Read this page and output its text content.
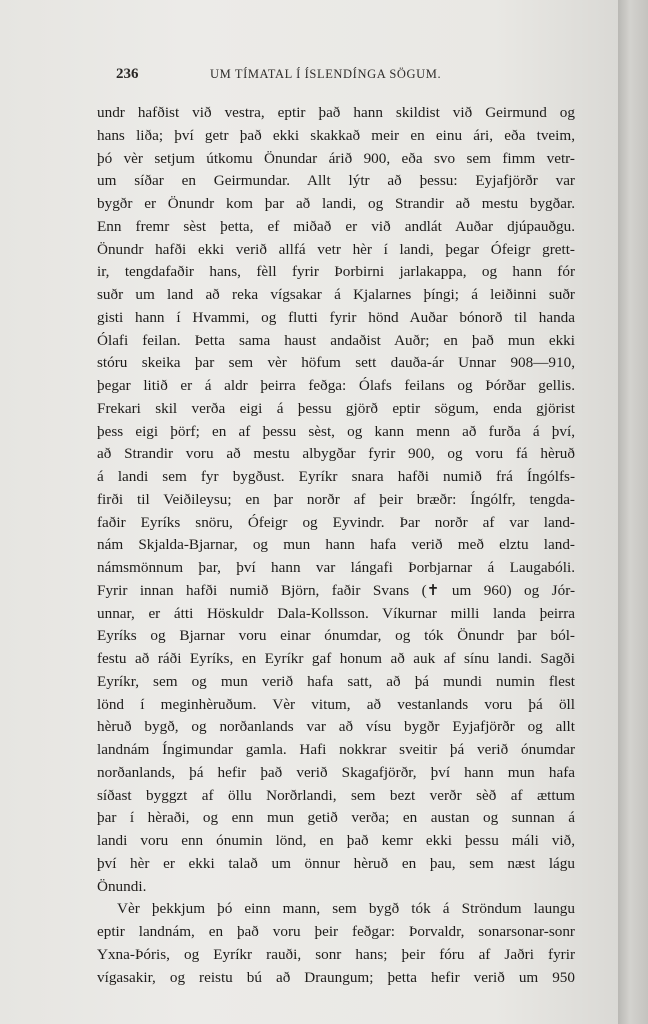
236	UM TÍMATAL Í ÍSLENDÍNGA SÖGUM.
undr hafðist við vestra, eptir það hann skildist við Geirmund og
hans liða; því getr það ekki skakkað meir en einu ári, eða tveim,
þó vèr setjum útkomu Önundar árið 900, eða svo sem fimm vetr-
um síðar en Geirmundar. Allt lýtr að þessu: Eyjafjörðr var
bygðr er Önundr kom þar að landi, og Strandir að mestu bygðar.
Enn fremr sèst þetta, ef miðað er við andlát Auðar djúpauðgu.
Önundr hafði ekki verið allfá vetr hèr í landi, þegar Ófeigr grett-
ir, tengdafaðir hans, fèll fyrir Þorbirni jarlakappa, og hann fór
suðr um land að reka vígsakar á Kjalarnes þíngi; á leiðinni suðr
gisti hann í Hvammi, og flutti fyrir hönd Auðar bónorð til handa
Ólafi feilan. Þetta sama haust andaðist Auðr; en það mun ekki
stóru skeika þar sem vèr höfum sett dauða-ár Unnar 908—910,
þegar litið er á aldr þeirra feðga: Ólafs feilans og Þórðar gellis.
Frekari skil verða eigi á þessu gjörð eptir sögum, enda gjörist
þess eigi þörf; en af þessu sèst, og kann menn að furða á því,
að Strandir voru að mestu albygðar fyrir 900, og voru fá hèruð
á landi sem fyr bygðust. Eyríkr snara hafði numið frá Íngólfs-
firði til Veiðileysu; en þar norðr af þeir bræðr: Íngólfr, tengda-
faðir Eyríks snöru, Ófeigr og Eyvindr. Þar norðr af var land-
nám Skjalda-Bjarnar, og mun hann hafa verið með elztu land-
námsmönnum þar, því hann var lángafi Þorbjarnar á Laugabóli.
Fyrir innan hafði numið Björn, faðir Svans (✝ um 960) og Jór-
unnar, er átti Höskuldr Dala-Kollsson. Víkurnar milli landa þeirra
Eyríks og Bjarnar voru einar ónumdar, og tók Önundr þar ból-
festu að ráði Eyríks, en Eyríkr gaf honum að auk af sínu landi. Sagði
Eyríkr, sem og mun verið hafa satt, að þá mundi numin flest
lönd í meginhèruðum. Vèr vitum, að vestanlands voru þá öll
hèruð bygð, og norðanlands var að vísu bygðr Eyjafjörðr og allt
landnám Íngimundar gamla. Hafi nokkrar sveitir þá verið ónumdar
norðanlands, þá hefir það verið Skagafjörðr, því hann mun hafa
síðast byggzt af öllu Norðrlandi, sem bezt verðr sèð af ættum
þar í hèraði, og enn mun getið verða; en austan og sunnan á
landi voru enn ónumin lönd, en það kemr ekki þessu máli við,
því hèr er ekki talað um önnur hèruð en þau, sem næst lágu
Önundi.
Vèr þekkjum þó einn mann, sem bygð tók á Ströndum laungu
eptir landnám, en það voru þeir feðgar: Þorvaldr, sonarsonar-sonr
Yxna-Þóris, og Eyríkr rauði, sonr hans; þeir fóru af Jaðri fyrir
vígasakir, og reistu bú að Draungum; þetta hefir verið um 950
